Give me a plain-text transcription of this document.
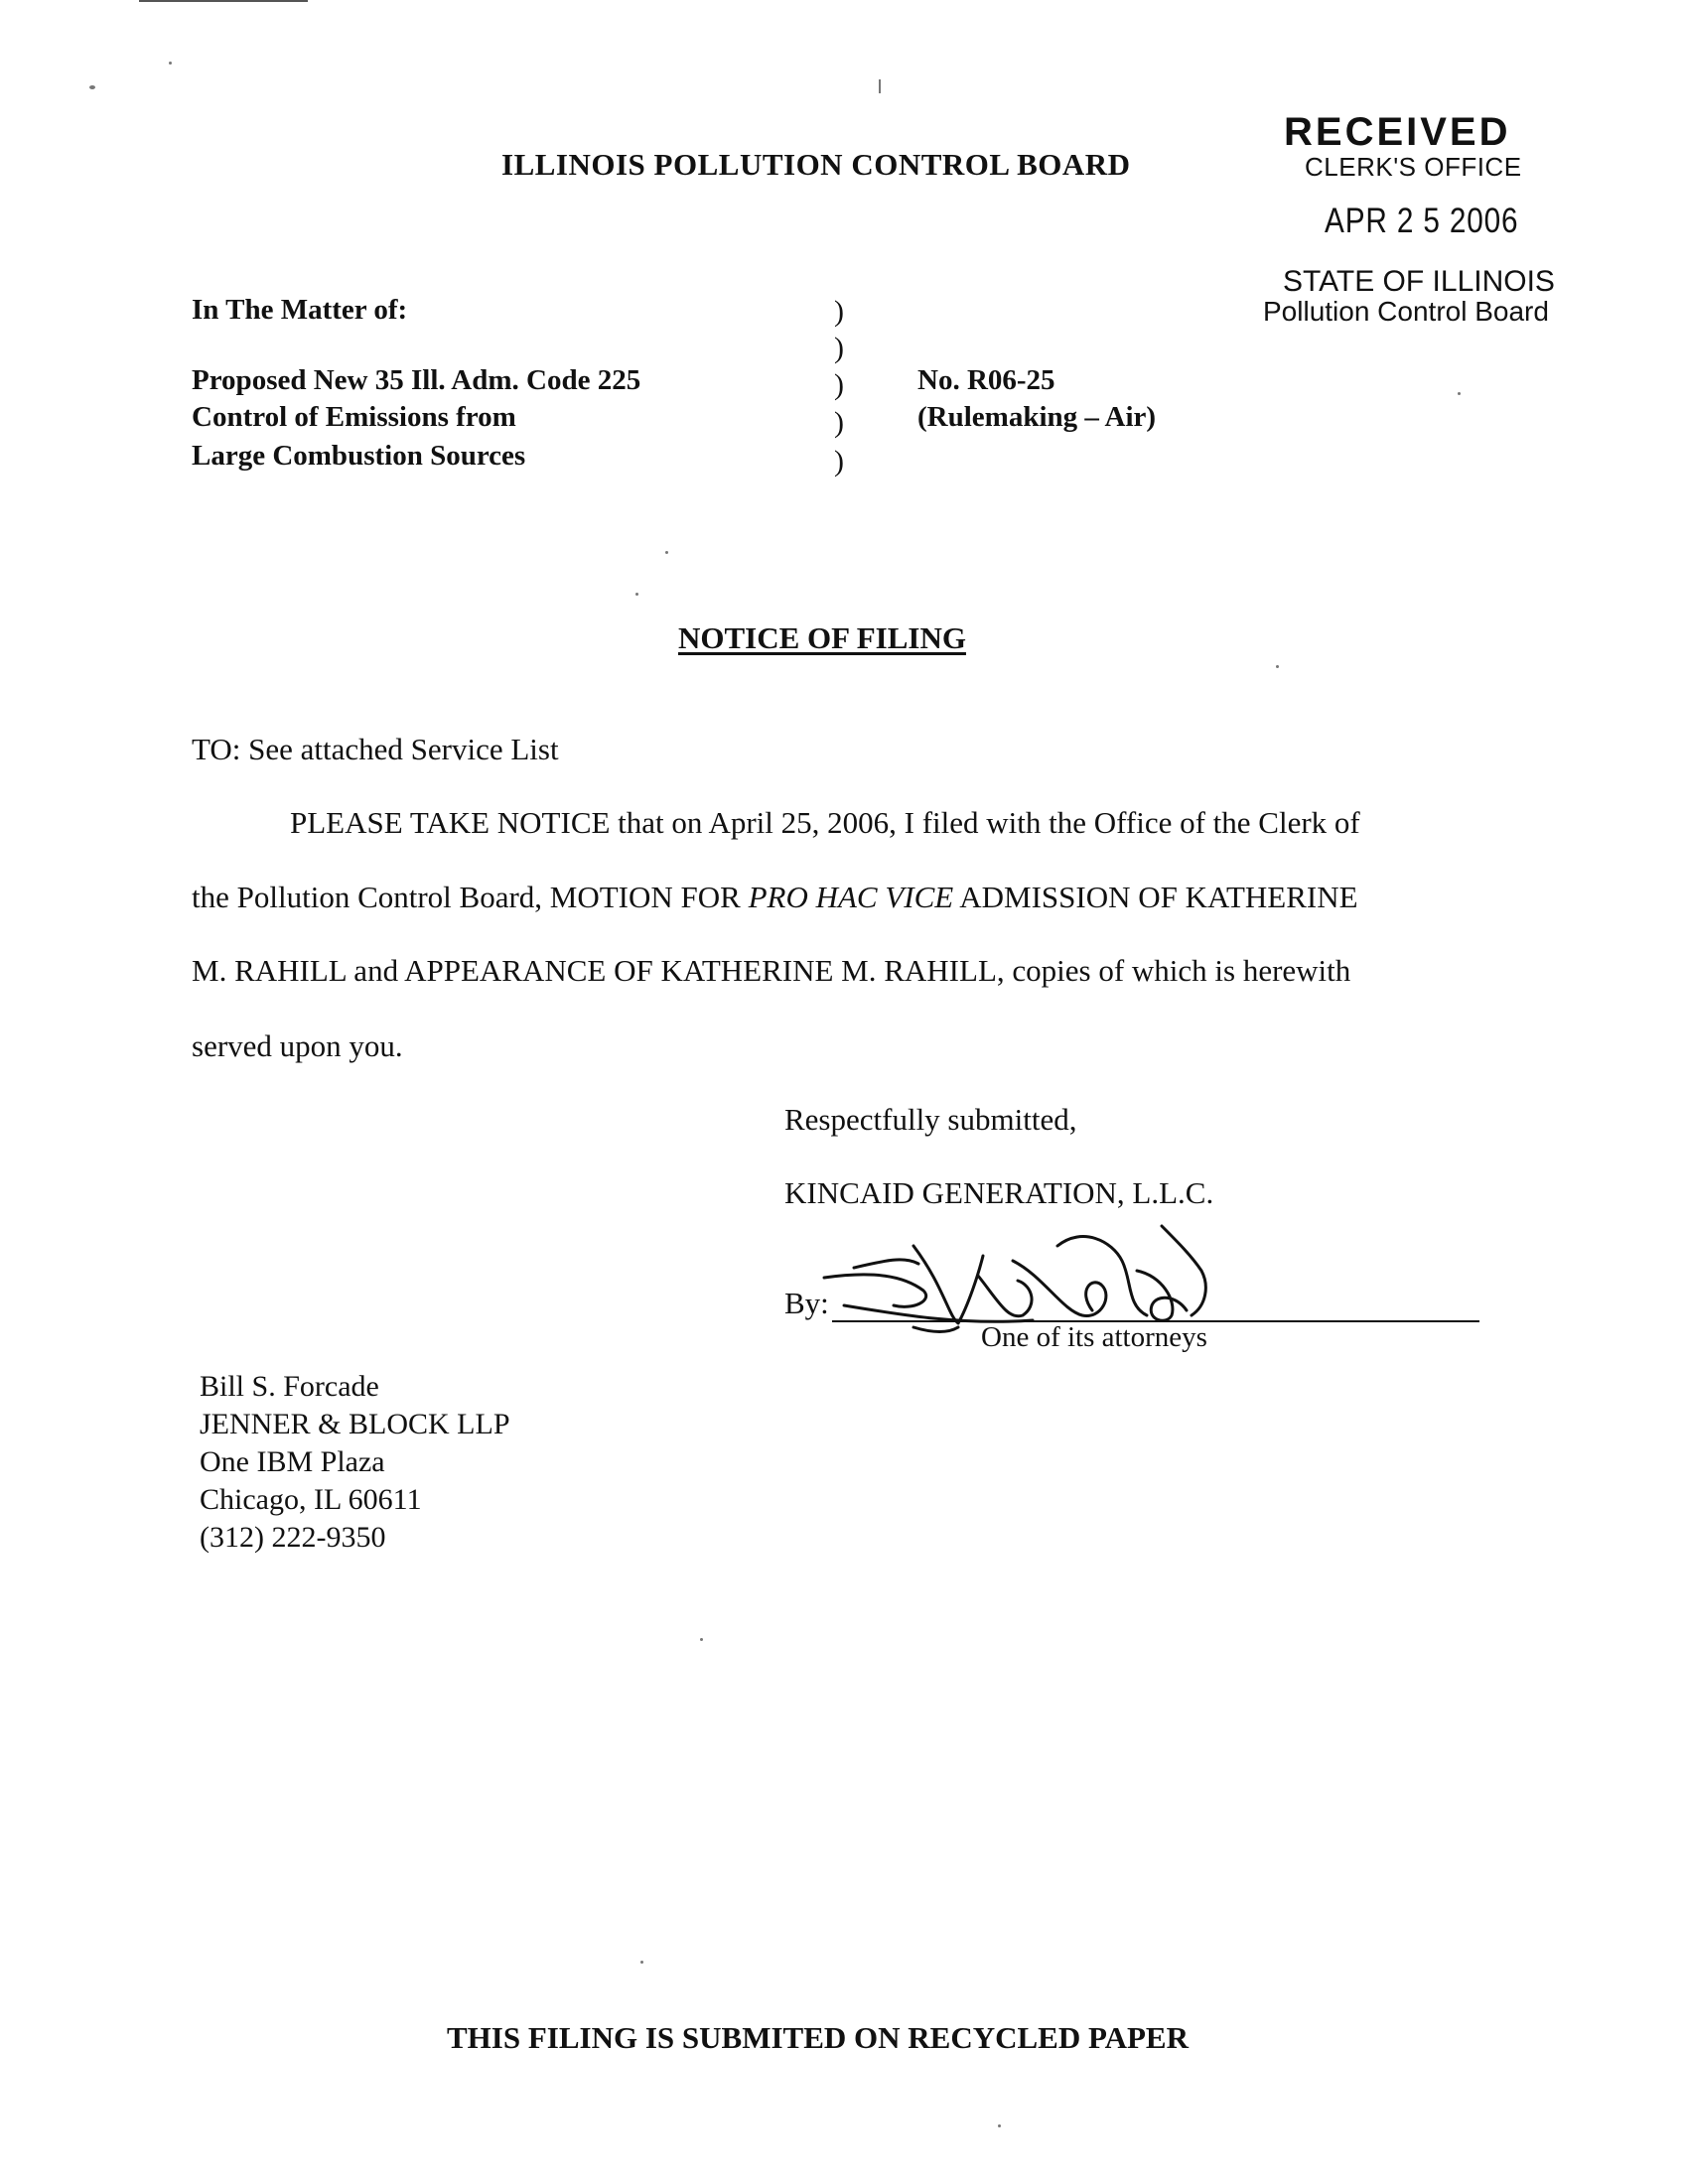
ILLINOIS POLLUTION CONTROL BOARD
RECEIVED
CLERK'S OFFICE
APR 2 5 2006
STATE OF ILLINOIS
Pollution Control Board
In The Matter of:
Proposed New 35 Ill. Adm. Code 225
Control of Emissions from
Large Combustion Sources
)
)
)
)
)
No. R06-25
(Rulemaking – Air)
NOTICE OF FILING
TO: See attached Service List
PLEASE TAKE NOTICE that on April 25, 2006, I filed with the Office of the Clerk of
the Pollution Control Board, MOTION FOR PRO HAC VICE ADMISSION OF KATHERINE
M. RAHILL and APPEARANCE OF KATHERINE M. RAHILL, copies of which is herewith
served upon you.
Respectfully submitted,
KINCAID GENERATION, L.L.C.
By:
One of its attorneys
Bill S. Forcade
JENNER & BLOCK LLP
One IBM Plaza
Chicago, IL 60611
(312) 222-9350
THIS FILING IS SUBMITED ON RECYCLED PAPER
